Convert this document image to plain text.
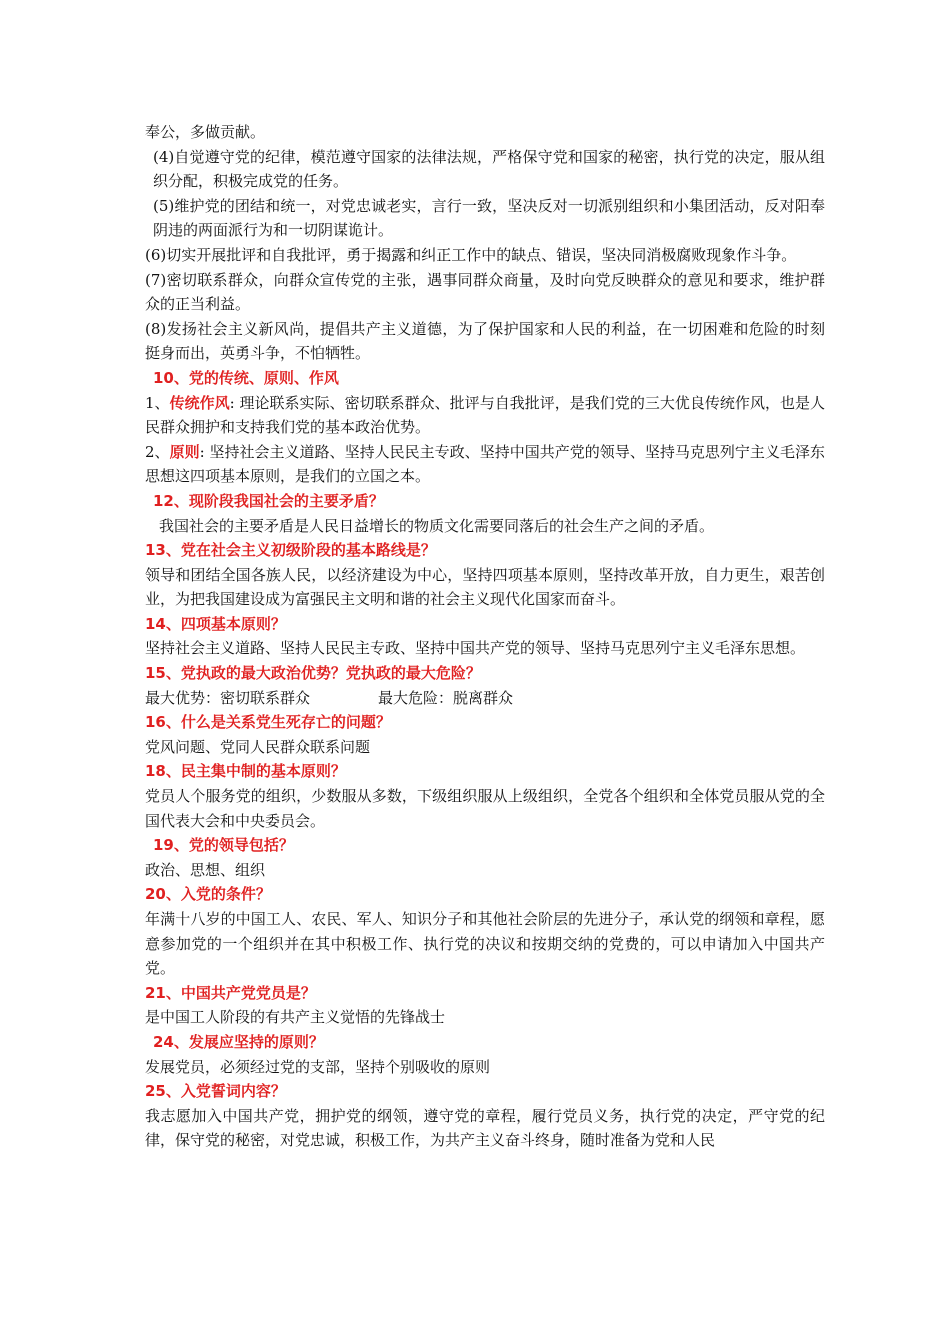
奉公，多做贡献。

(4)自觉遵守党的纪律，模范遵守国家的法律法规，严格保守党和国家的秘密，执行党的决定，服从组织分配，积极完成党的任务。

(5)维护党的团结和统一，对党忠诚老实，言行一致，坚决反对一切派别组织和小集团活动，反对阳奉阴违的两面派行为和一切阴谋诡计。

(6)切实开展批评和自我批评，勇于揭露和纠正工作中的缺点、错误，坚决同消极腐败现象作斗争。

(7)密切联系群众，向群众宣传党的主张，遇事同群众商量，及时向党反映群众的意见和要求，维护群众的正当利益。

(8)发扬社会主义新风尚，提倡共产主义道德，为了保护国家和人民的利益，在一切困难和危险的时刻挺身而出，英勇斗争，不怕牺牲。

10、党的传统、原则、作风

1、传统作风: 理论联系实际、密切联系群众、批评与自我批评，是我们党的三大优良传统作风，也是人民群众拥护和支持我们党的基本政治优势。

2、原则: 坚持社会主义道路、坚持人民民主专政、坚持中国共产党的领导、坚持马克思列宁主义毛泽东思想这四项基本原则，是我们的立国之本。

12、现阶段我国社会的主要矛盾？

我国社会的主要矛盾是人民日益增长的物质文化需要同落后的社会生产之间的矛盾。

13、党在社会主义初级阶段的基本路线是？

领导和团结全国各族人民，以经济建设为中心，坚持四项基本原则，坚持改革开放，自力更生，艰苦创业，为把我国建设成为富强民主文明和谐的社会主义现代化国家而奋斗。

14、四项基本原则？

坚持社会主义道路、坚持人民民主专政、坚持中国共产党的领导、坚持马克思列宁主义毛泽东思想。

15、党执政的最大政治优势？党执政的最大危险？

最大优势：密切联系群众	最大危险：脱离群众

16、什么是关系党生死存亡的问题？

党风问题、党同人民群众联系问题

18、民主集中制的基本原则？

党员人个服务党的组织，少数服从多数，下级组织服从上级组织，全党各个组织和全体党员服从党的全国代表大会和中央委员会。

19、党的领导包括？

政治、思想、组织

20、入党的条件？

年满十八岁的中国工人、农民、军人、知识分子和其他社会阶层的先进分子，承认党的纲领和章程，愿意参加党的一个组织并在其中积极工作、执行党的决议和按期交纳的党费的，可以申请加入中国共产党。

21、中国共产党党员是？

是中国工人阶段的有共产主义觉悟的先锋战士

24、发展应坚持的原则？

发展党员，必须经过党的支部，坚持个别吸收的原则

25、入党誓词内容？

我志愿加入中国共产党，拥护党的纲领，遵守党的章程，履行党员义务，执行党的决定，严守党的纪律，保守党的秘密，对党忠诚，积极工作，为共产主义奋斗终身，随时准备为党和人民
